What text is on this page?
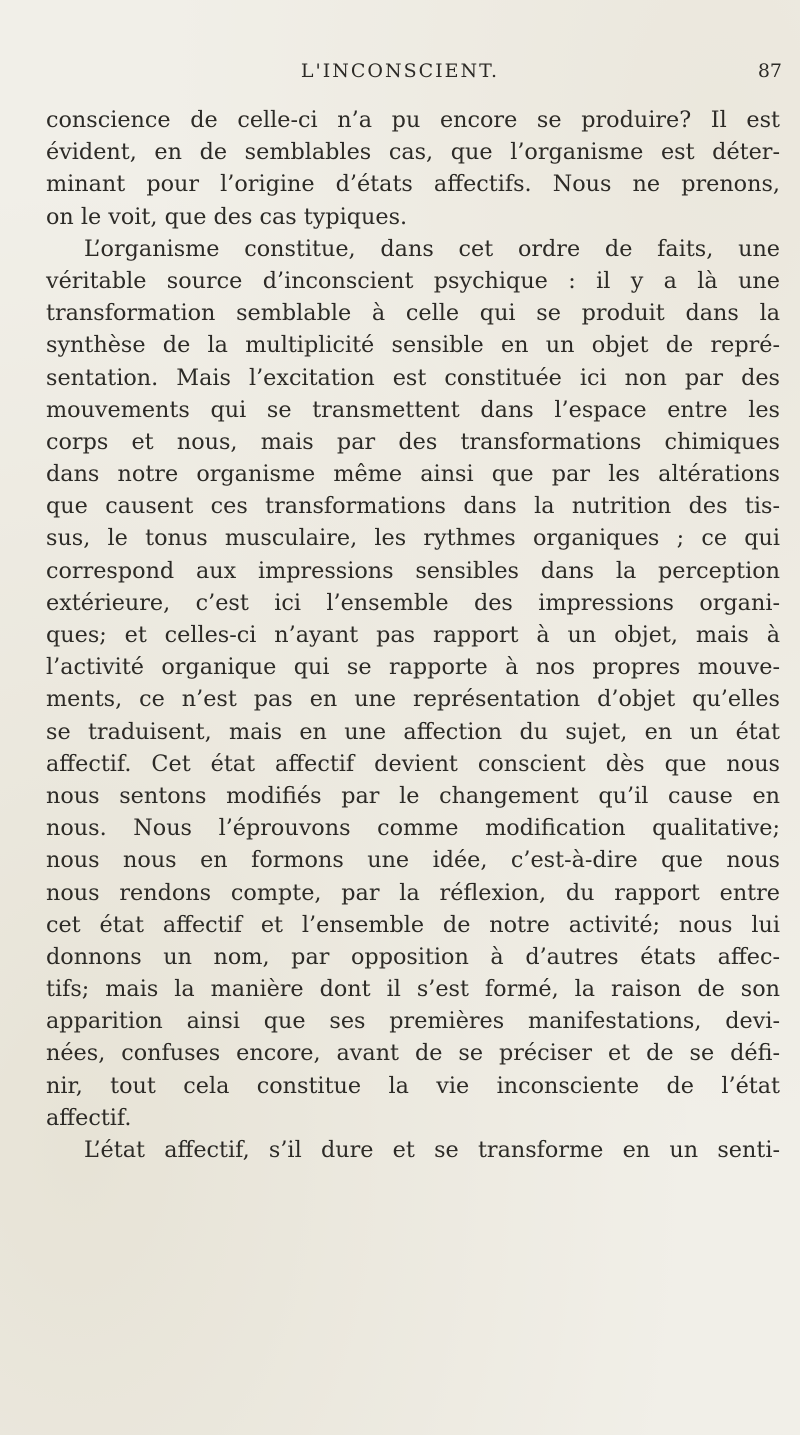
L'INCONSCIENT.	87
conscience de celle-ci n’a pu encore se produire? Il est
évident, en de semblables cas, que l’organisme est déter-
minant pour l’origine d’états affectifs. Nous ne prenons,
on le voit, que des cas typiques.
L’organisme constitue, dans cet ordre de faits, une
véritable source d’inconscient psychique : il y a là une
transformation semblable à celle qui se produit dans la
synthèse de la multiplicité sensible en un objet de repré-
sentation. Mais l’excitation est constituée ici non par des
mouvements qui se transmettent dans l’espace entre les
corps et nous, mais par des transformations chimiques
dans notre organisme même ainsi que par les altérations
que causent ces transformations dans la nutrition des tis-
sus, le tonus musculaire, les rythmes organiques ; ce qui
correspond aux impressions sensibles dans la perception
extérieure, c’est ici l’ensemble des impressions organi-
ques; et celles-ci n’ayant pas rapport à un objet, mais à
l’activité organique qui se rapporte à nos propres mouve-
ments, ce n’est pas en une représentation d’objet qu’elles
se traduisent, mais en une affection du sujet, en un état
affectif. Cet état affectif devient conscient dès que nous
nous sentons modifiés par le changement qu’il cause en
nous. Nous l’éprouvons comme modification qualitative;
nous nous en formons une idée, c’est-à-dire que nous
nous rendons compte, par la réflexion, du rapport entre
cet état affectif et l’ensemble de notre activité; nous lui
donnons un nom, par opposition à d’autres états affec-
tifs; mais la manière dont il s’est formé, la raison de son
apparition ainsi que ses premières manifestations, devi-
nées, confuses encore, avant de se préciser et de se défi-
nir, tout cela constitue la vie inconsciente de l’état
affectif.
L’état affectif, s’il dure et se transforme en un senti-
